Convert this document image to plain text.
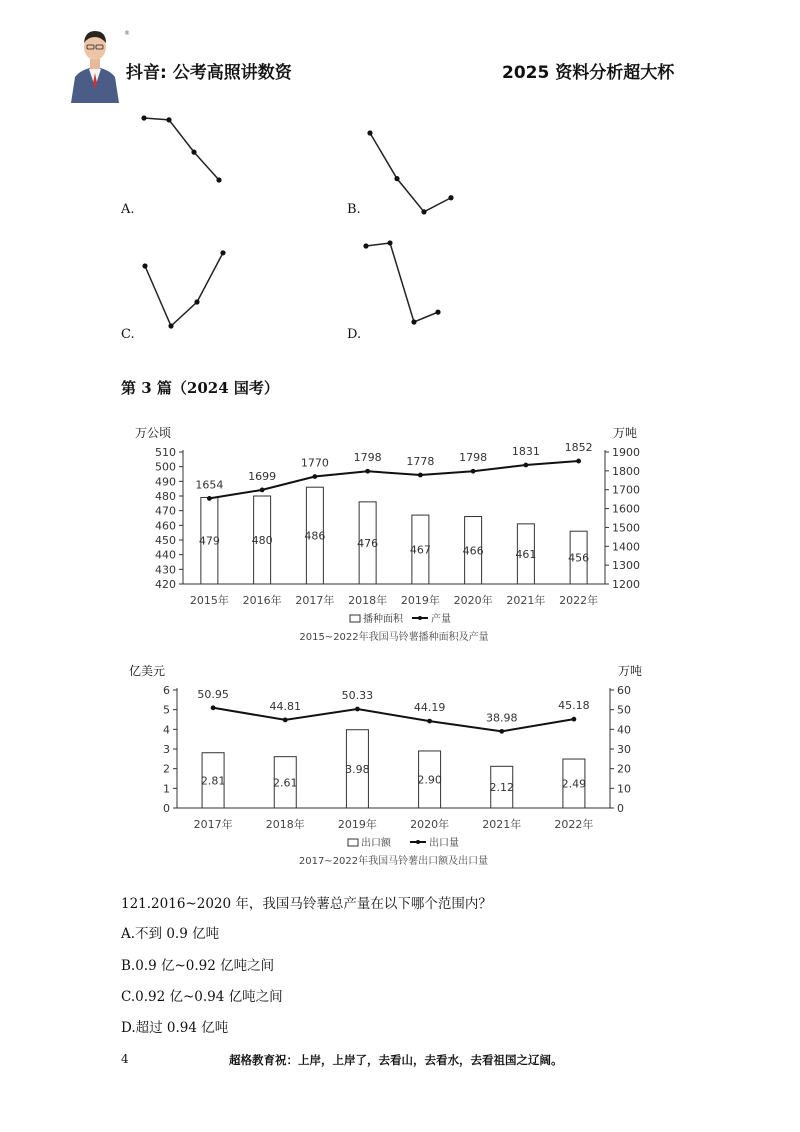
®
抖音: 公考高照讲数资	2025 资料分析超大杯
A.	B.
C.	D.
第 3 篇（2024 国考）
510
500
490
480
470
460
450
440
430
420
1900
1800
1700
1600
1500
1400
1300
1200
万公顷	万吨
479	480	486
476
467	466	461	456
1654
1699
1770 1798 1778 1798 1831 1852
2015年 2016年 2017年 2018年 2019年 2020年 2021年 2022年
播种面积	产量
2015~2022年我国马铃薯播种面积及产量
6
5
4
3
2
1
0
60
50
40
30
20
10
0
亿美元	万吨
2.81	2.61
3.98
2.90
2.12	2.49
50.95
44.81
50.33
44.19
38.98
45.18
2017年	2018年	2019年	2020年	2021年	2022年
出口额	出口量
2017~2022年我国马铃薯出口额及出口量
121.2016~2020 年，我国马铃薯总产量在以下哪个范围内？
A.不到 0.9 亿吨
B.0.9 亿~0.92 亿吨之间
C.0.92 亿~0.94 亿吨之间
D.超过 0.94 亿吨
4	超格教育祝：上岸，上岸了，去看山，去看水，去看祖国之辽阔。
